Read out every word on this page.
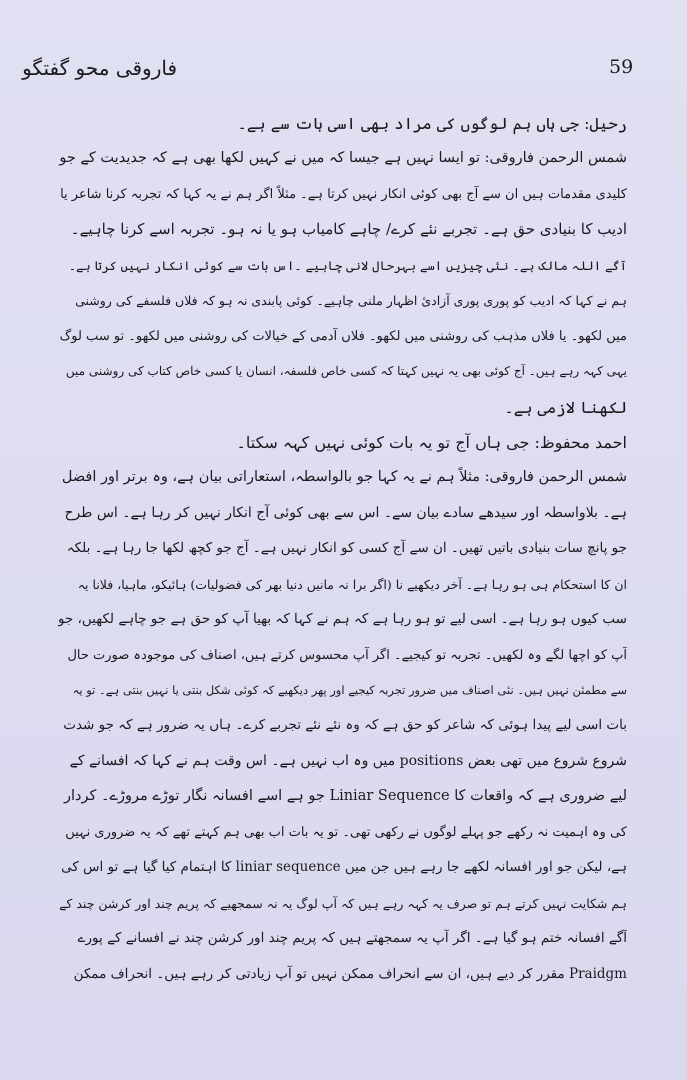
59
فاروقی محو گفتگو
رحیل: جی ہاں ہم لوگوں کی مراد بھی اسی بات سے ہے۔
شمس الرحمن فاروقی: تو ایسا نہیں ہے جیسا کہ میں نے کہیں لکھا بھی ہے کہ جدیدیت کے جو
کلیدی مقدمات ہیں ان سے آج بھی کوئی انکار نہیں کرتا ہے۔ مثلاً اگر ہم نے یہ کہا کہ تجربہ کرنا شاعر یا
ادیب کا بنیادی حق ہے۔ تجربے نئے کرے/ چاہے کامیاب ہو یا نہ ہو۔ تجربہ اسے کرنا چاہیے۔
آگے اللہ مالک ہے۔ نئی چیزیں اسے بہرحال لانی چاہیے ۔اس بات سے کوئی انکار نہیں کرتا ہے۔
ہم نے کہا کہ ادیب کو پوری پوری آزادیٔ اظہار ملنی چاہیے۔ کوئی پابندی نہ ہو کہ فلاں فلسفے کی روشنی
میں لکھو۔ یا فلاں مذہب کی روشنی میں لکھو۔ فلاں آدمی کے خیالات کی روشنی میں لکھو۔ تو سب لوگ
یہی کہہ رہے ہیں۔ آج کوئی بھی یہ نہیں کہتا کہ کسی خاص فلسفہ، انسان یا کسی خاص کتاب کی روشنی میں
لکھنا لازمی ہے۔
احمد محفوظ: جی ہاں آج تو یہ بات کوئی نہیں کہہ سکتا۔
شمس الرحمن فاروقی: مثلاً ہم نے یہ کہا جو بالواسطہ، استعاراتی بیان ہے، وہ برتر اور افضل
ہے۔ بلاواسطہ اور سیدھے سادے بیان سے۔ اس سے بھی کوئی آج انکار نہیں کر رہا ہے۔ اس طرح
جو پانچ سات بنیادی باتیں تھیں۔ ان سے آج کسی کو انکار نہیں ہے۔ آج جو کچھ لکھا جا رہا ہے۔ بلکہ
ان کا استحکام ہی ہو رہا ہے۔ آخر دیکھیے نا (اگر برا نہ مانیں دنیا بھر کی فضولیات) ہائیکو، ماہیا، فلانا یہ
سب کیوں ہو رہا ہے۔ اسی لیے تو ہو رہا ہے کہ ہم نے کہا کہ بھیا آپ کو حق ہے جو چاہے لکھیں، جو
آپ کو اچھا لگے وہ لکھیں۔ تجربہ تو کیجیے۔ اگر آپ محسوس کرتے ہیں، اصناف کی موجودہ صورت حال
سے مطمئن نہیں ہیں۔ نئی اصناف میں ضرور تجربہ کیجیے اور پھر دیکھیے کہ کوئی شکل بنتی یا نہیں بنتی ہے۔ تو یہ
بات اسی لیے پیدا ہوئی کہ شاعر کو حق ہے کہ وہ نئے نئے تجربے کرے۔ ہاں یہ ضرور ہے کہ جو شدت
شروع شروع میں تھی بعض positions میں وہ اب نہیں ہے۔ اس وقت ہم نے کہا کہ افسانے کے
لیے ضروری ہے کہ واقعات کا Liniar Sequence جو ہے اسے افسانہ نگار توڑے مروڑے۔ کردار
کی وہ اہمیت نہ رکھے جو پہلے لوگوں نے رکھی تھی۔ تو یہ بات اب بھی ہم کہتے تھے کہ یہ ضروری نہیں
ہے، لیکن جو اور افسانہ لکھے جا رہے ہیں جن میں liniar sequence کا اہتمام کیا گیا ہے تو اس کی
ہم شکایت نہیں کرتے ہم تو صرف یہ کہہ رہے ہیں کہ آپ لوگ یہ نہ سمجھیے کہ پریم چند اور کرشن چند کے
آگے افسانہ ختم ہو گیا ہے۔ اگر آپ یہ سمجھتے ہیں کہ پریم چند اور کرشن چند نے افسانے کے پورے
Praidgm مقرر کر دیے ہیں، ان سے انحراف ممکن نہیں تو آپ زیادتی کر رہے ہیں۔ انحراف ممکن
